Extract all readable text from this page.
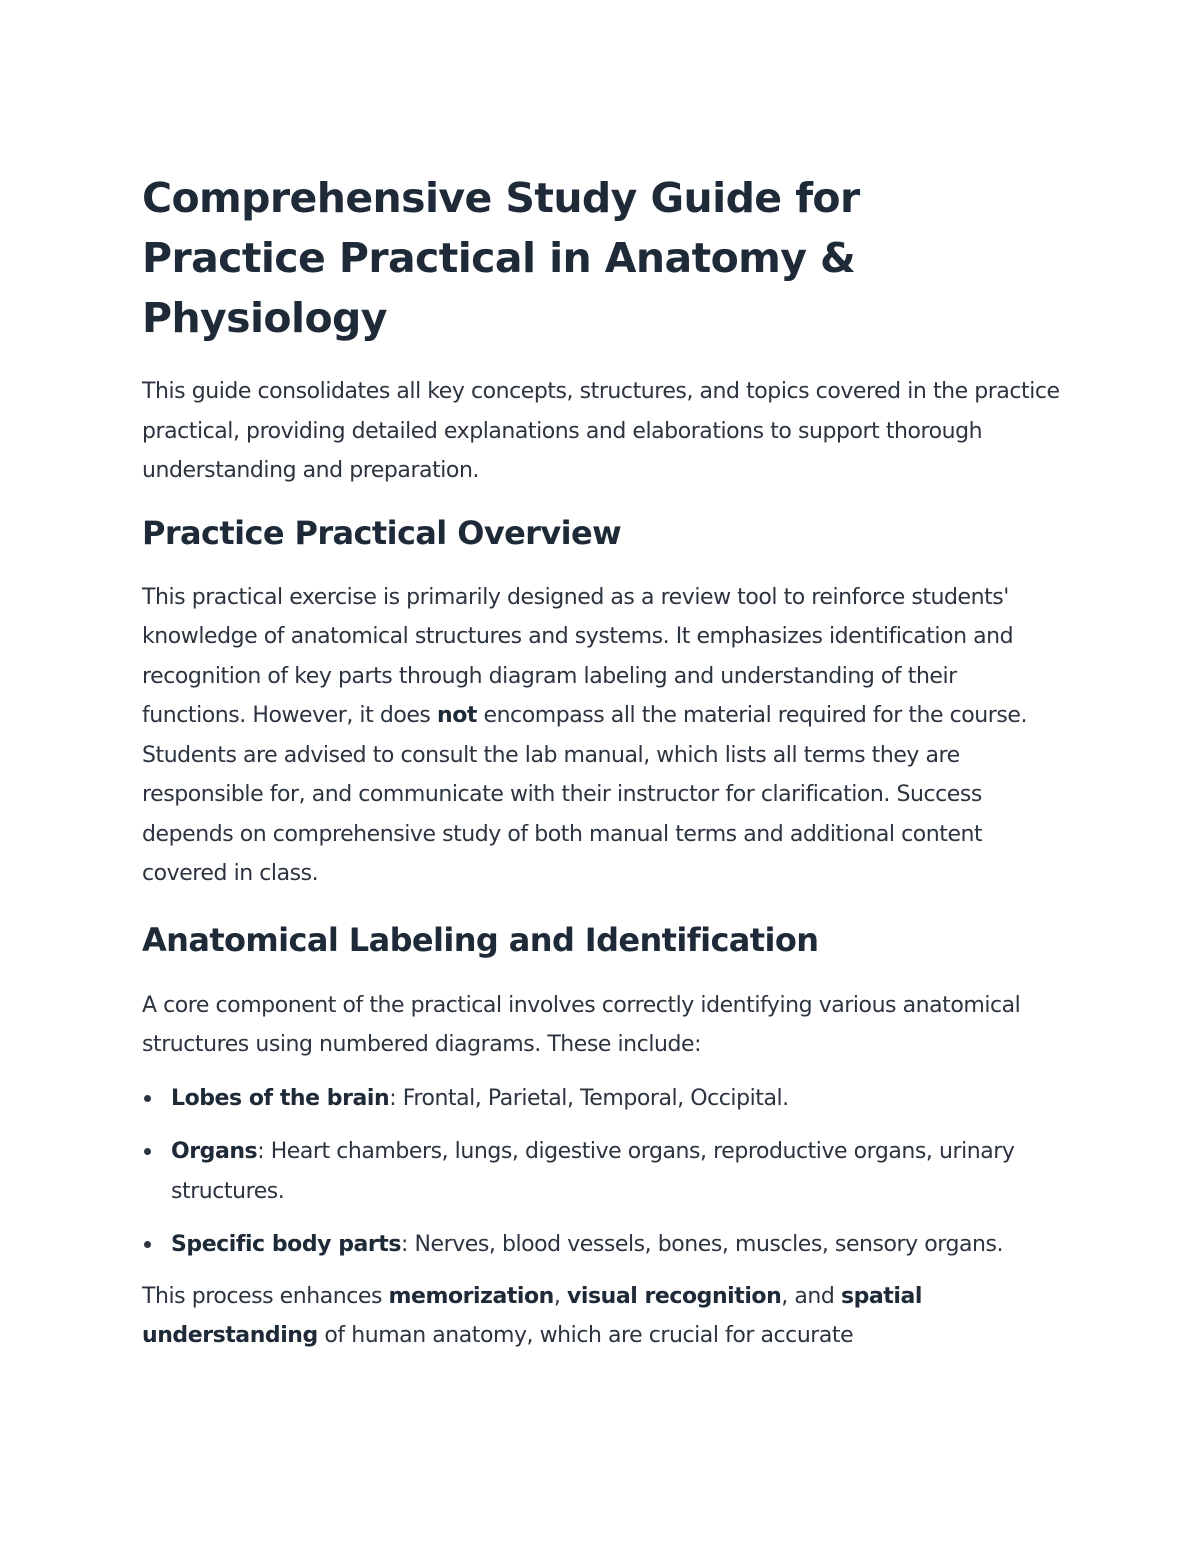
Comprehensive Study Guide for Practice Practical in Anatomy & Physiology

This guide consolidates all key concepts, structures, and topics covered in the practice practical, providing detailed explanations and elaborations to support thorough understanding and preparation.

Practice Practical Overview

This practical exercise is primarily designed as a review tool to reinforce students' knowledge of anatomical structures and systems. It emphasizes identification and recognition of key parts through diagram labeling and understanding of their functions. However, it does not encompass all the material required for the course. Students are advised to consult the lab manual, which lists all terms they are responsible for, and communicate with their instructor for clarification. Success depends on comprehensive study of both manual terms and additional content covered in class.

Anatomical Labeling and Identification

A core component of the practical involves correctly identifying various anatomical structures using numbered diagrams. These include:

Lobes of the brain: Frontal, Parietal, Temporal, Occipital.
Organs: Heart chambers, lungs, digestive organs, reproductive organs, urinary structures.
Specific body parts: Nerves, blood vessels, bones, muscles, sensory organs.

This process enhances memorization, visual recognition, and spatial understanding of human anatomy, which are crucial for accurate
